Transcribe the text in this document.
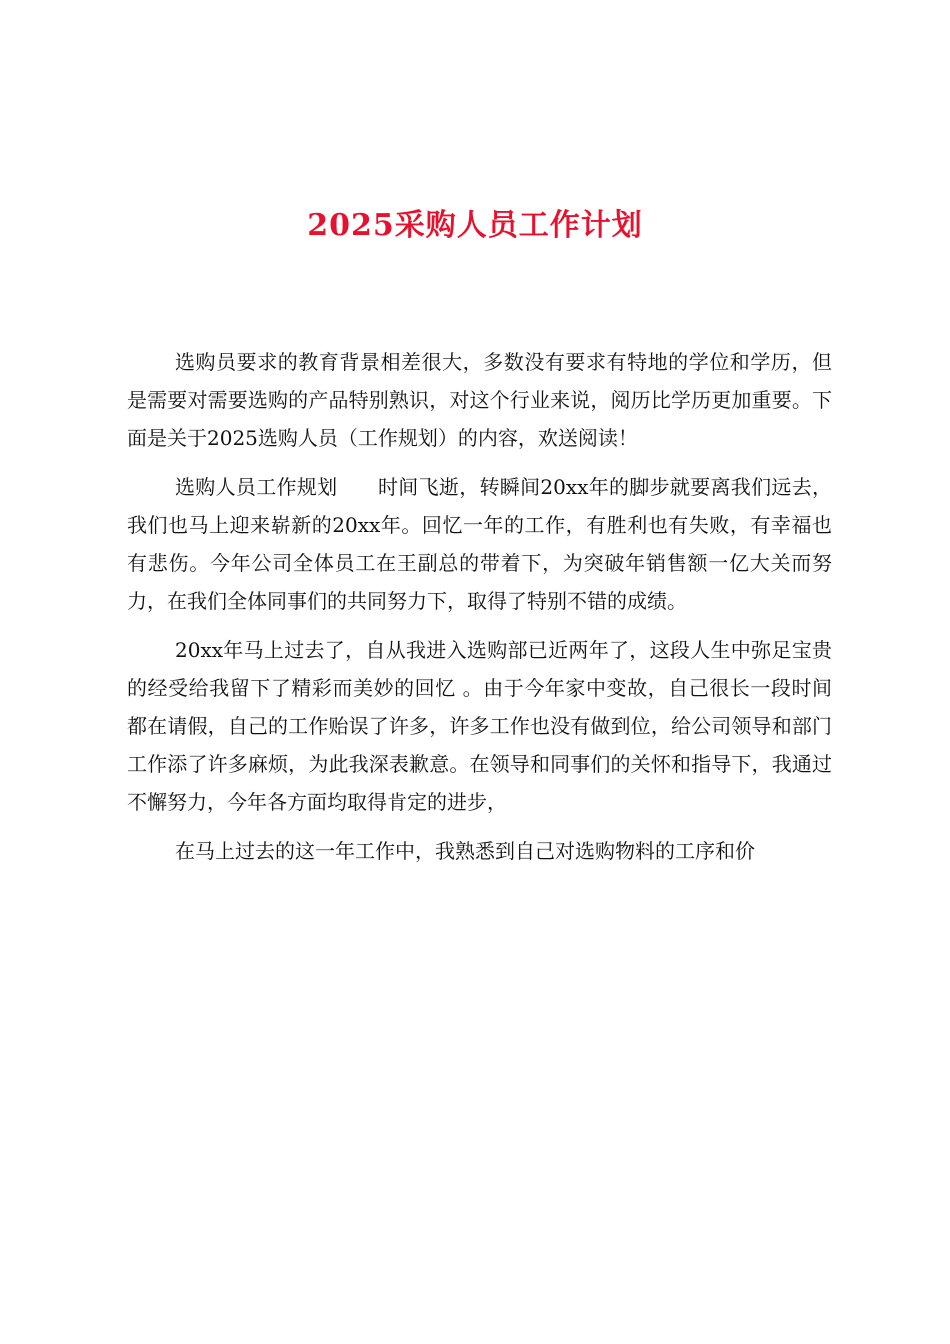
2025采购人员工作计划

选购员要求的教育背景相差很大，多数没有要求有特地的学位和学历，但是需要对需要选购的产品特别熟识，对这个行业来说，阅历比学历更加重要。下面是关于2025选购人员（工作规划）的内容，欢送阅读！

选购人员工作规划　　时间飞逝，转瞬间20xx年的脚步就要离我们远去，我们也马上迎来崭新的20xx年。回忆一年的工作，有胜利也有失败，有幸福也有悲伤。今年公司全体员工在王副总的带着下，为突破年销售额一亿大关而努力，在我们全体同事们的共同努力下，取得了特别不错的成绩。

20xx年马上过去了，自从我进入选购部已近两年了，这段人生中弥足宝贵的经受给我留下了精彩而美妙的回忆 。由于今年家中变故，自己很长一段时间都在请假，自己的工作贻误了许多，许多工作也没有做到位，给公司领导和部门工作添了许多麻烦，为此我深表歉意。在领导和同事们的关怀和指导下，我通过不懈努力，今年各方面均取得肯定的进步，

在马上过去的这一年工作中，我熟悉到自己对选购物料的工序和价
